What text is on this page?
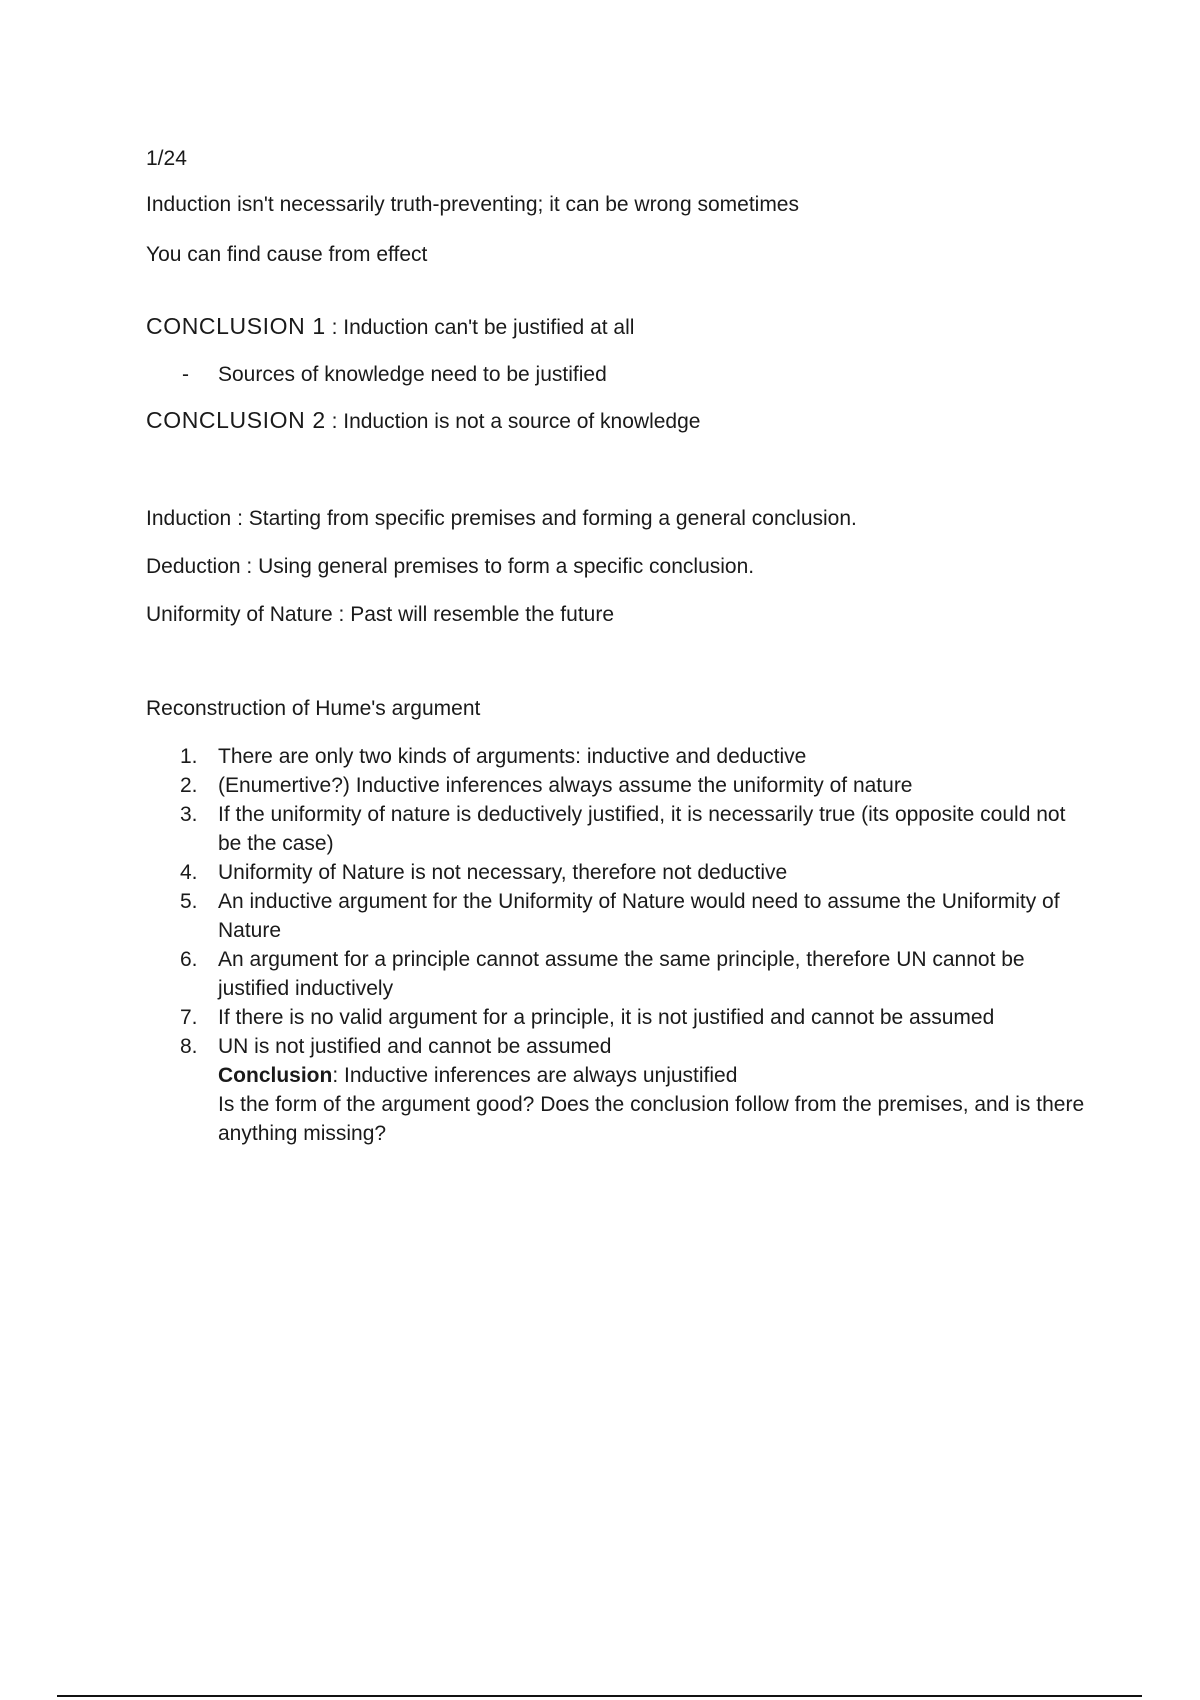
1/24

Induction isn't necessarily truth-preventing; it can be wrong sometimes

You can find cause from effect

CONCLUSION 1 : Induction can't be justified at all
- Sources of knowledge need to be justified
CONCLUSION 2 : Induction is not a source of knowledge

Induction : Starting from specific premises and forming a general conclusion.

Deduction : Using general premises to form a specific conclusion.

Uniformity of Nature : Past will resemble the future

Reconstruction of Hume's argument

1. There are only two kinds of arguments: inductive and deductive
2. (Enumertive?) Inductive inferences always assume the uniformity of nature
3. If the uniformity of nature is deductively justified, it is necessarily true (its opposite could not be the case)
4. Uniformity of Nature is not necessary, therefore not deductive
5. An inductive argument for the Uniformity of Nature would need to assume the Uniformity of Nature
6. An argument for a principle cannot assume the same principle, therefore UN cannot be justified inductively
7. If there is no valid argument for a principle, it is not justified and cannot be assumed
8. UN is not justified and cannot be assumed
Conclusion: Inductive inferences are always unjustified
Is the form of the argument good? Does the conclusion follow from the premises, and is there anything missing?
